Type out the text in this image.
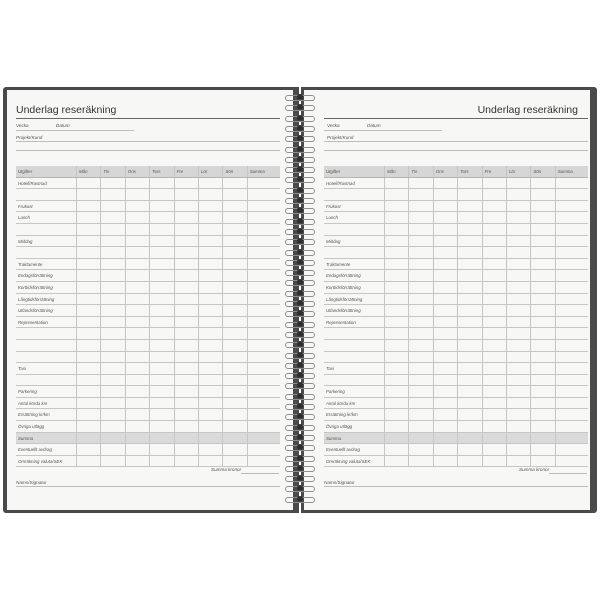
Underlag reseräkning
Vecka	Datum
Projekt/Kund
Utgifter	Mån	Tis	Ons	Tors	Fre	Lör	Sön	Summa
Hotell/Rastnad
Frukost
Lunch
Middag
Traktamente
Endagsförrättning
Korttidsförrättning
Långtidsförrättning
Utlandsförrättning
Representation
Taxi
Parkering
Antal körda km
Ersättning kr/km
Övriga utlägg
Summa
Eventuellt avdrag
Omräkning valuta/SEK
Summa kronor
Namn/Signatur
Underlag reseräkning
Vecka	Datum
Projekt/Kund
Utgifter	Mån	Tis	Ons	Tors	Fre	Lör	Sön	Summa
Hotell/Rastnad
Frukost
Lunch
Middag
Traktamente
Endagsförrättning
Korttidsförrättning
Långtidsförrättning
Utlandsförrättning
Representation
Taxi
Parkering
Antal körda km
Ersättning kr/km
Övriga utlägg
Summa
Eventuellt avdrag
Omräkning valuta/SEK
Summa kronor
Namn/Signatur
